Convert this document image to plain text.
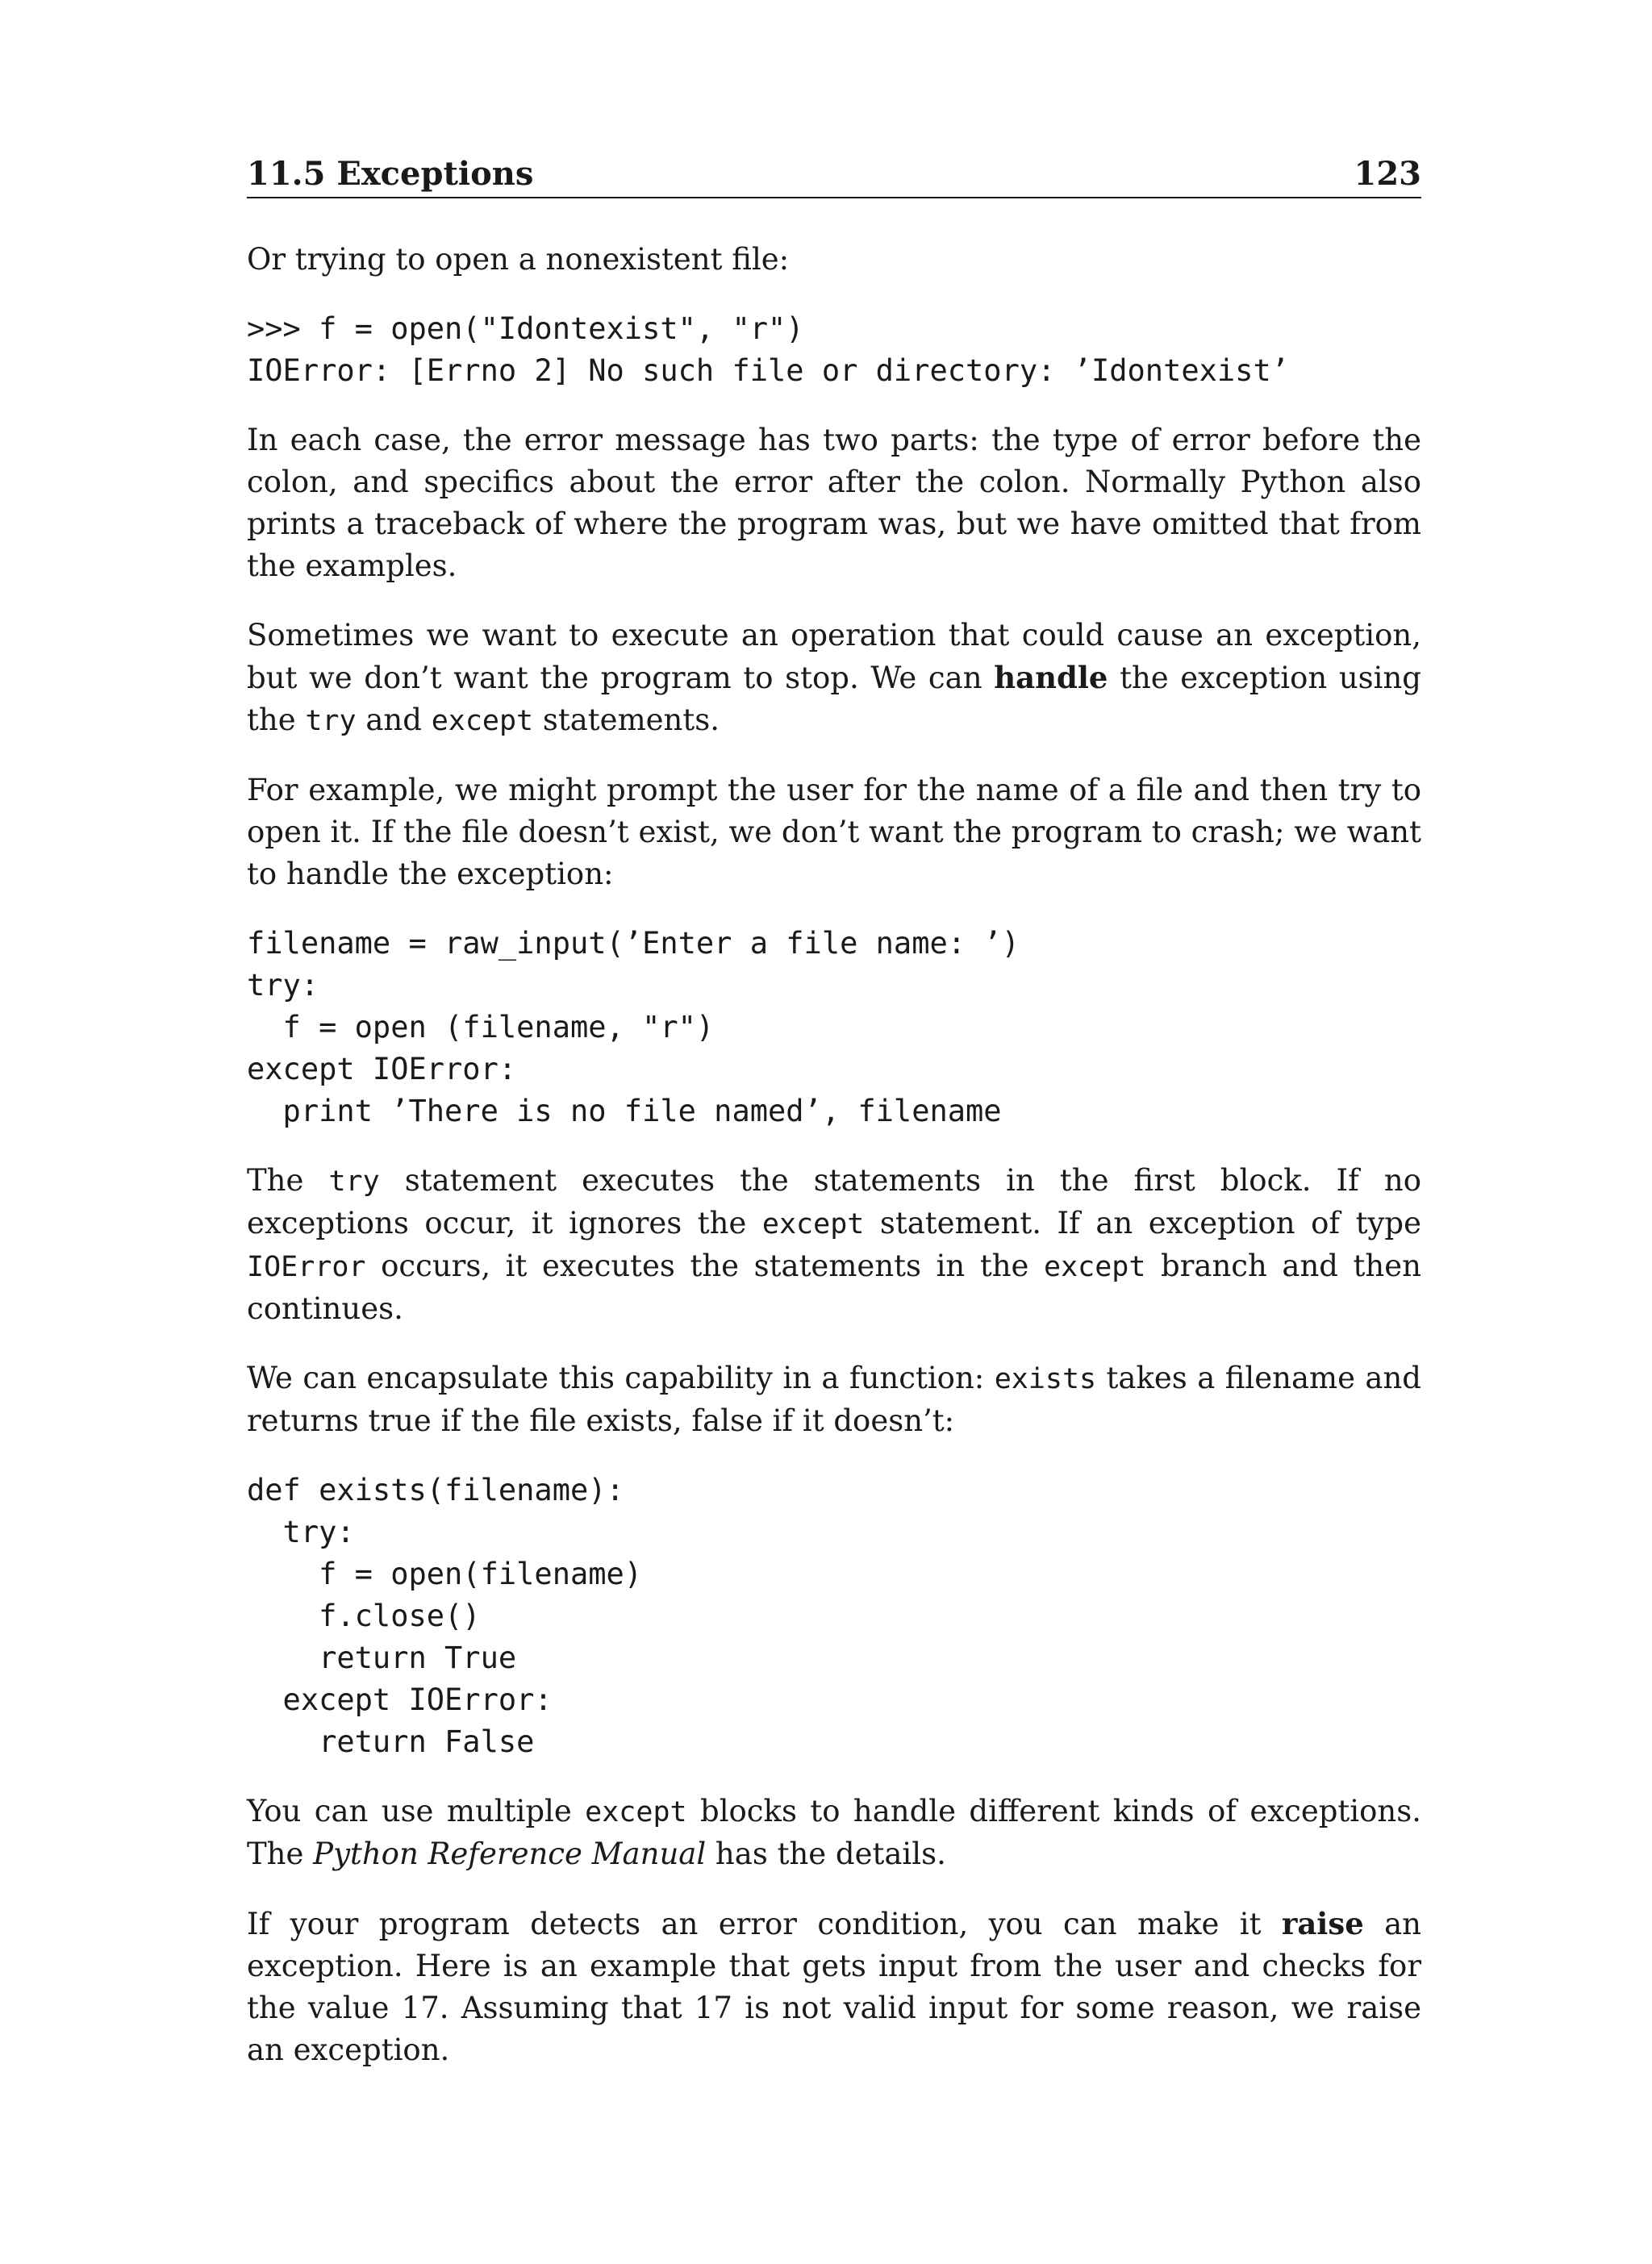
11.5 Exceptions	123

Or trying to open a nonexistent file:

>>> f = open("Idontexist", "r")
IOError: [Errno 2] No such file or directory: ’Idontexist’

In each case, the error message has two parts: the type of error before the colon, and specifics about the error after the colon. Normally Python also prints a traceback of where the program was, but we have omitted that from the examples.

Sometimes we want to execute an operation that could cause an exception, but we don’t want the program to stop. We can handle the exception using the try and except statements.

For example, we might prompt the user for the name of a file and then try to open it. If the file doesn’t exist, we don’t want the program to crash; we want to handle the exception:

filename = raw_input(’Enter a file name: ’)
try:
f = open (filename, "r")
except IOError:
print ’There is no file named’, filename

The try statement executes the statements in the first block. If no exceptions occur, it ignores the except statement. If an exception of type IOError occurs, it executes the statements in the except branch and then continues.

We can encapsulate this capability in a function: exists takes a filename and returns true if the file exists, false if it doesn’t:

def exists(filename):
try:
f = open(filename)
f.close()
return True
except IOError:
return False

You can use multiple except blocks to handle different kinds of exceptions. The Python Reference Manual has the details.

If your program detects an error condition, you can make it raise an exception. Here is an example that gets input from the user and checks for the value 17. Assuming that 17 is not valid input for some reason, we raise an exception.
